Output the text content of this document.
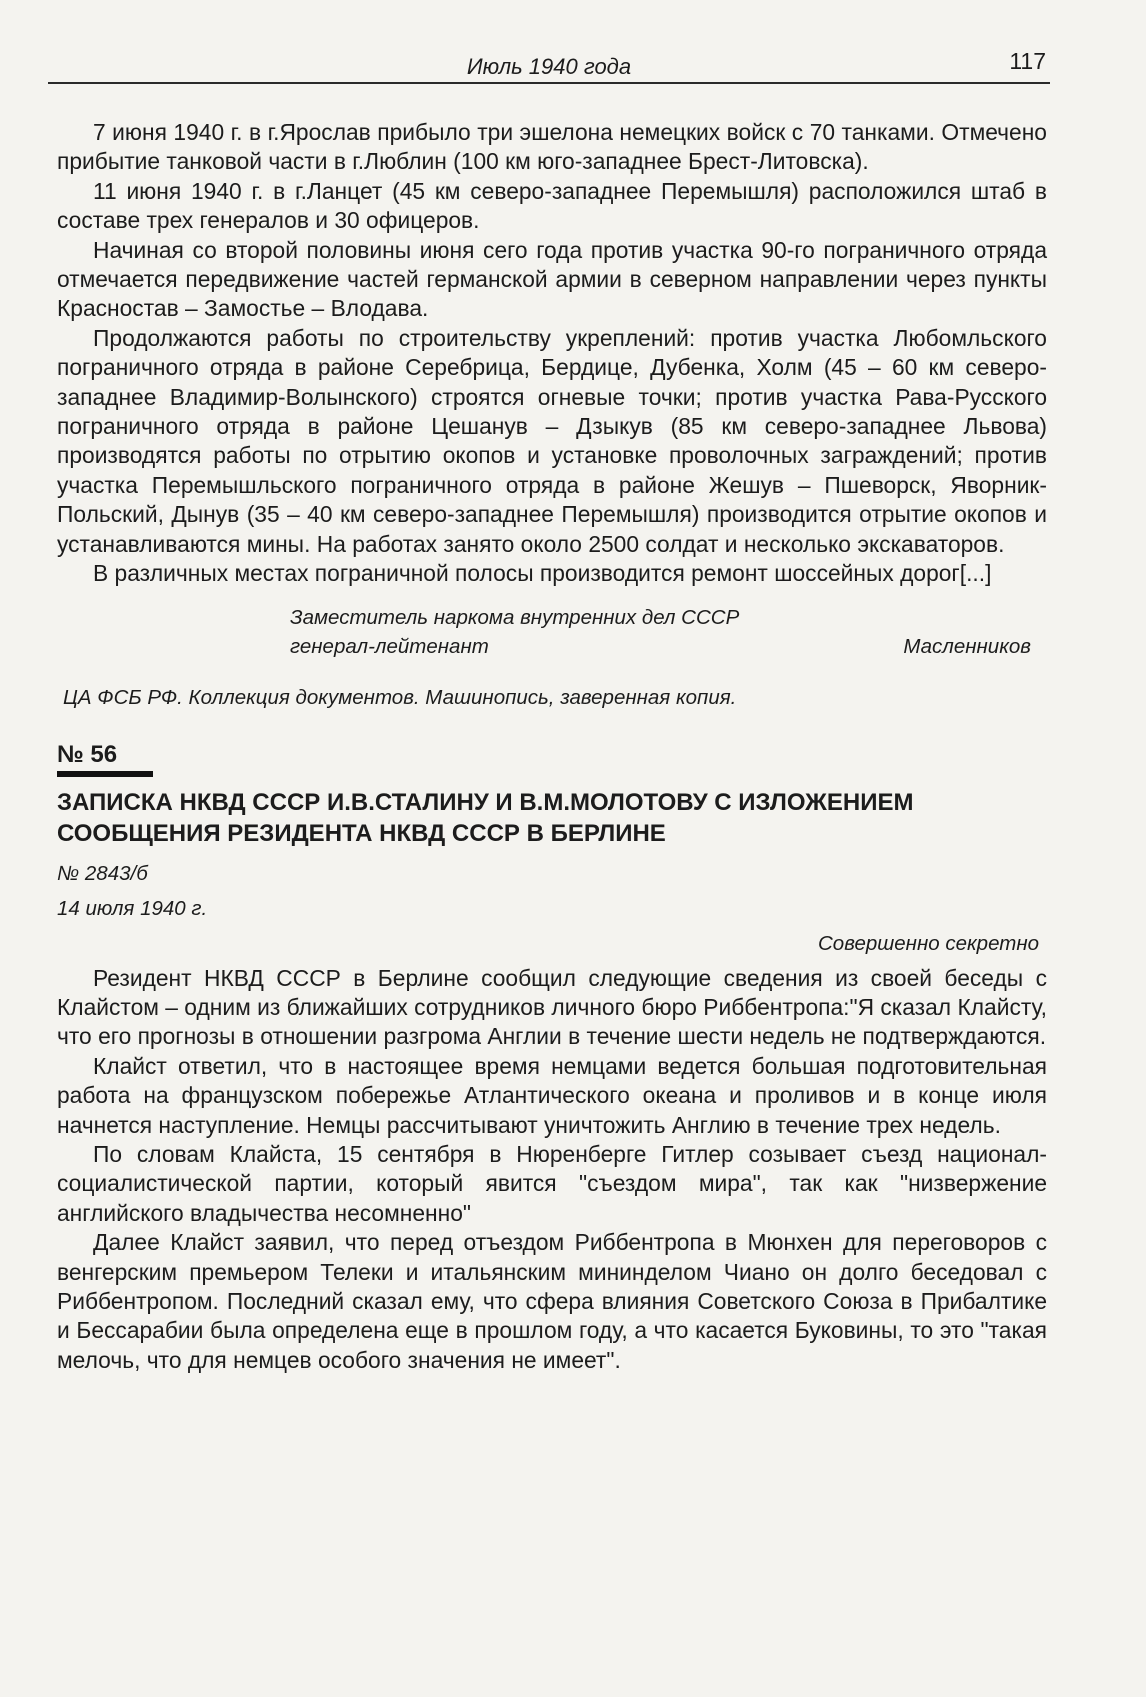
Июль 1940 года	117

7 июня 1940 г. в г.Ярослав прибыло три эшелона немецких войск с 70 танками. Отмечено прибытие танковой части в г.Люблин (100 км юго-западнее Брест-Литовска).

11 июня 1940 г. в г.Ланцет (45 км северо-западнее Перемышля) расположился штаб в составе трех генералов и 30 офицеров.

Начиная со второй половины июня сего года против участка 90-го пограничного отряда отмечается передвижение частей германской армии в северном направлении через пункты Красностав – Замостье – Влодава.

Продолжаются работы по строительству укреплений: против участка Любомльского пограничного отряда в районе Серебрица, Бердице, Дубенка, Холм (45 – 60 км северо-западнее Владимир-Волынского) строятся огневые точки; против участка Рава-Русского пограничного отряда в районе Цешанув – Дзыкув (85 км северо-западнее Львова) производятся работы по отрытию окопов и установке проволочных заграждений; против участка Перемышльского пограничного отряда в районе Жешув – Пшеворск, Яворник-Польский, Дынув (35 – 40 км северо-западнее Перемышля) производится отрытие окопов и устанавливаются мины. На работах занято около 2500 солдат и несколько экскаваторов.

В различных местах пограничной полосы производится ремонт шоссейных дорог[...]

Заместитель наркома внутренних дел СССР
генерал-лейтенант	Масленников
ЦА ФСБ РФ. Коллекция документов. Машинопись, заверенная копия.
№ 56
ЗАПИСКА НКВД СССР И.В.СТАЛИНУ И В.М.МОЛОТОВУ С ИЗЛОЖЕНИЕМ СООБЩЕНИЯ РЕЗИДЕНТА НКВД СССР В БЕРЛИНЕ
№ 2843/б
14 июля 1940 г.
Совершенно секретно

Резидент НКВД СССР в Берлине сообщил следующие сведения из своей беседы с Клайстом – одним из ближайших сотрудников личного бюро Риббентропа:"Я сказал Клайсту, что его прогнозы в отношении разгрома Англии в течение шести недель не подтверждаются.

Клайст ответил, что в настоящее время немцами ведется большая подготовительная работа на французском побережье Атлантического океана и проливов и в конце июля начнется наступление. Немцы рассчитывают уничтожить Англию в течение трех недель.

По словам Клайста, 15 сентября в Нюренберге Гитлер созывает съезд национал-социалистической партии, который явится "съездом мира", так как "низвержение английского владычества несомненно"

Далее Клайст заявил, что перед отъездом Риббентропа в Мюнхен для переговоров с венгерским премьером Телеки и итальянским мининделом Чиано он долго беседовал с Риббентропом. Последний сказал ему, что сфера влияния Советского Союза в Прибалтике и Бессарабии была определена еще в прошлом году, а что касается Буковины, то это "такая мелочь, что для немцев особого значения не имеет".
